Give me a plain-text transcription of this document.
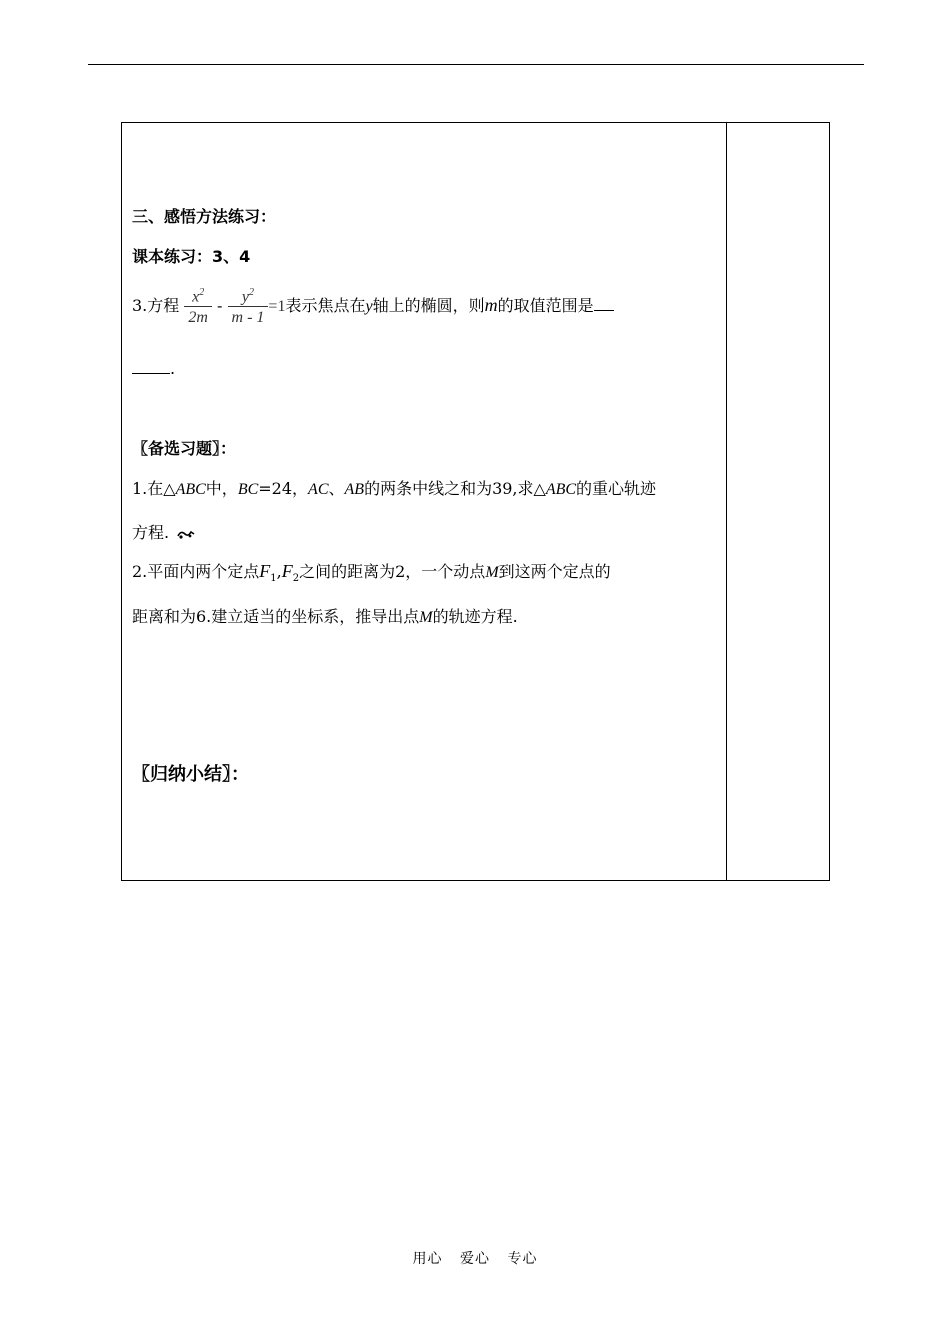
三、感悟方法练习：
课本练习：3、4
3.方程 $\frac{x^2}{2m} - \frac{y^2}{m - 1} =1$表示焦点在y轴上的椭圆，则m的取值范围是
.
〖备选习题〗：
1.在△ABC中，BC=24，AC、AB的两条中线之和为39,求△ABC的重心轨迹
方程.
2.平面内两个定点$F_1,F_2$之间的距离为2，一个动点M到这两个定点的
距离和为6.建立适当的坐标系，推导出点M的轨迹方程.
〖归纳小结〗：
用心 爱心 专心
